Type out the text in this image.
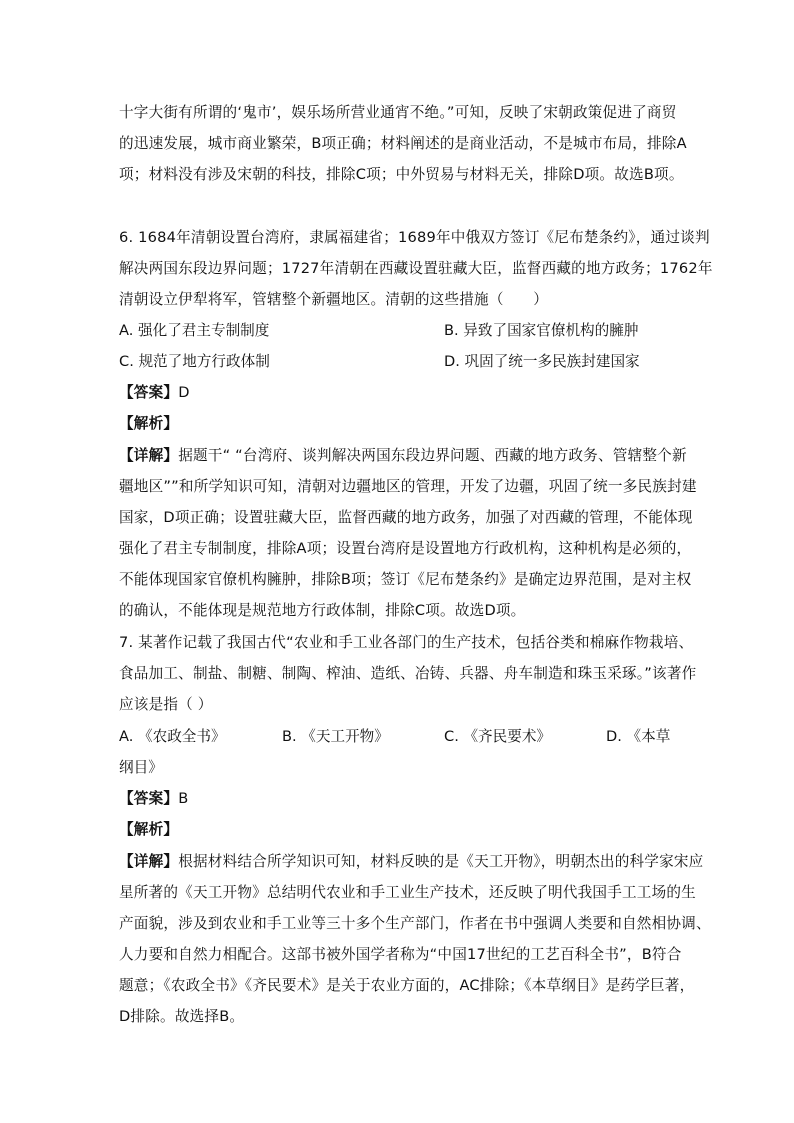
十字大街有所谓的‘鬼市’，娱乐场所营业通宵不绝。”可知，反映了宋朝政策促进了商贸
的迅速发展，城市商业繁荣，B项正确；材料阐述的是商业活动，不是城市布局，排除A
项；材料没有涉及宋朝的科技，排除C项；中外贸易与材料无关，排除D项。故选B项。
6. 1684年清朝设置台湾府，隶属福建省；1689年中俄双方签订《尼布楚条约》，通过谈判
解决两国东段边界问题；1727年清朝在西藏设置驻藏大臣，监督西藏的地方政务；1762年
清朝设立伊犁将军，管辖整个新疆地区。清朝的这些措施（　　）
A. 强化了君主专制制度	B. 异致了国家官僚机构的臃肿
C. 规范了地方行政体制	D. 巩固了统一多民族封建国家
【答案】D
【解析】
【详解】据题干“ “台湾府、谈判解决两国东段边界问题、西藏的地方政务、管辖整个新
疆地区””和所学知识可知，清朝对边疆地区的管理，开发了边疆，巩固了统一多民族封建
国家，D项正确；设置驻藏大臣，监督西藏的地方政务，加强了对西藏的管理，不能体现
强化了君主专制制度，排除A项；设置台湾府是设置地方行政机构，这种机构是必须的，
不能体现国家官僚机构臃肿，排除B项；签订《尼布楚条约》是确定边界范围，是对主权
的确认，不能体现是规范地方行政体制，排除C项。故选D项。
7. 某著作记载了我国古代“农业和手工业各部门的生产技术，包括谷类和棉麻作物栽培、
食品加工、制盐、制糖、制陶、榨油、造纸、冶铸、兵器、舟车制造和珠玉采琢。”该著作
应该是指（ ）
A. 《农政全书》	B. 《天工开物》	C. 《齐民要术》	D. 《本草
纲目》
【答案】B
【解析】
【详解】根据材料结合所学知识可知，材料反映的是《天工开物》，明朝杰出的科学家宋应
星所著的《天工开物》总结明代农业和手工业生产技术，还反映了明代我国手工工场的生
产面貌，涉及到农业和手工业等三十多个生产部门，作者在书中强调人类要和自然相协调、
人力要和自然力相配合。这部书被外国学者称为“中国17世纪的工艺百科全书”，B符合
题意；《农政全书》《齐民要术》是关于农业方面的，AC排除；《本草纲目》是药学巨著，
D排除。故选择B。
